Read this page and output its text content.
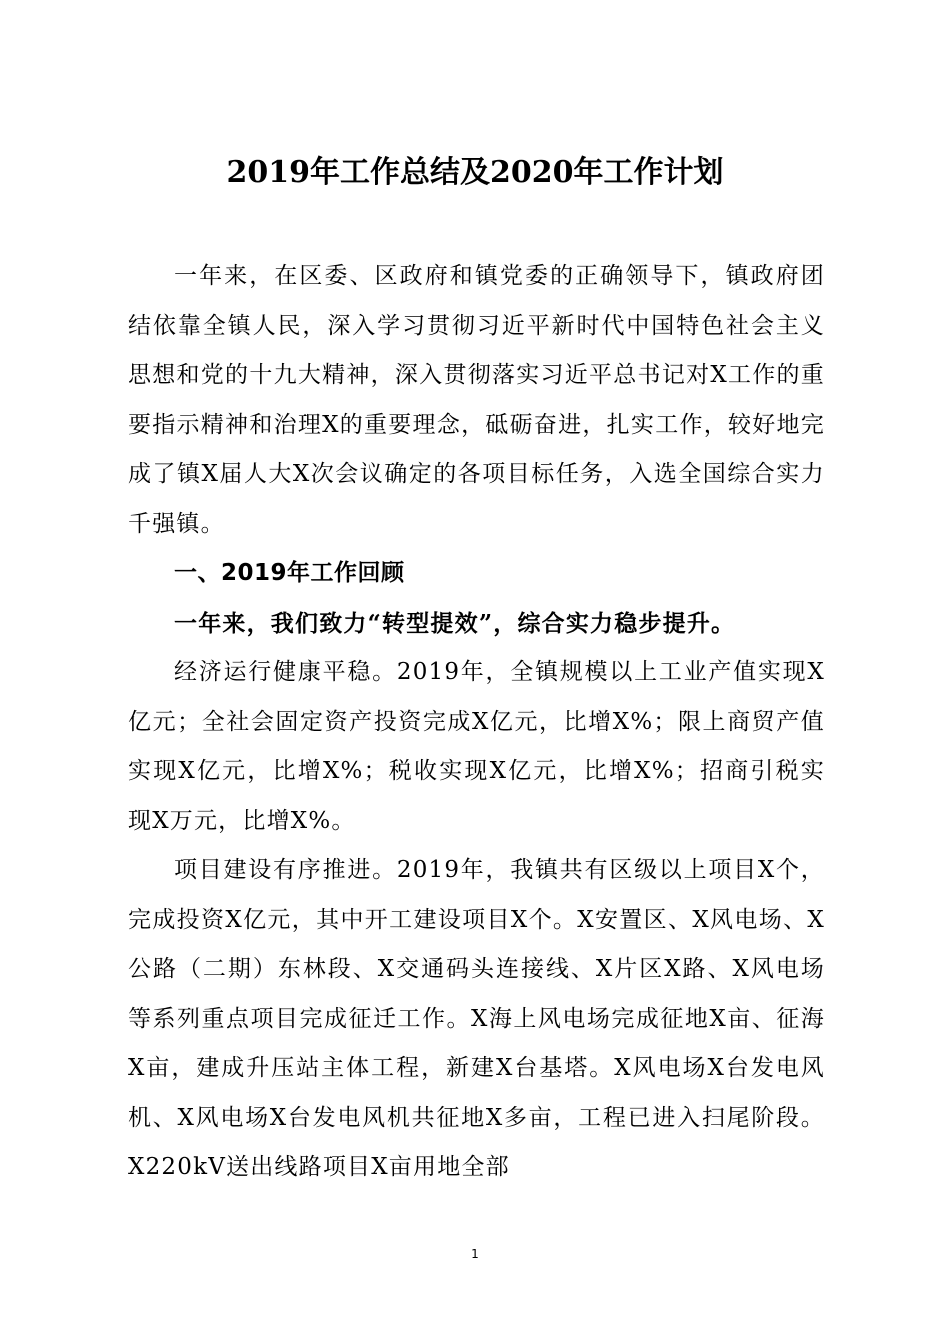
2019年工作总结及2020年工作计划

一年来，在区委、区政府和镇党委的正确领导下，镇政府团结依靠全镇人民，深入学习贯彻习近平新时代中国特色社会主义思想和党的十九大精神，深入贯彻落实习近平总书记对X工作的重要指示精神和治理X的重要理念，砥砺奋进，扎实工作，较好地完成了镇X届人大X次会议确定的各项目标任务，入选全国综合实力千强镇。

一、2019年工作回顾

一年来，我们致力“转型提效”，综合实力稳步提升。

经济运行健康平稳。2019年，全镇规模以上工业产值实现X亿元；全社会固定资产投资完成X亿元，比增X%；限上商贸产值实现X亿元，比增X%；税收实现X亿元，比增X%；招商引税实现X万元，比增X%。

项目建设有序推进。2019年，我镇共有区级以上项目X个，完成投资X亿元，其中开工建设项目X个。X安置区、X风电场、X公路（二期）东林段、X交通码头连接线、X片区X路、X风电场等系列重点项目完成征迁工作。X海上风电场完成征地X亩、征海X亩，建成升压站主体工程，新建X台基塔。X风电场X台发电风机、X风电场X台发电风机共征地X多亩，工程已进入扫尾阶段。X220kV送出线路项目X亩用地全部

1
